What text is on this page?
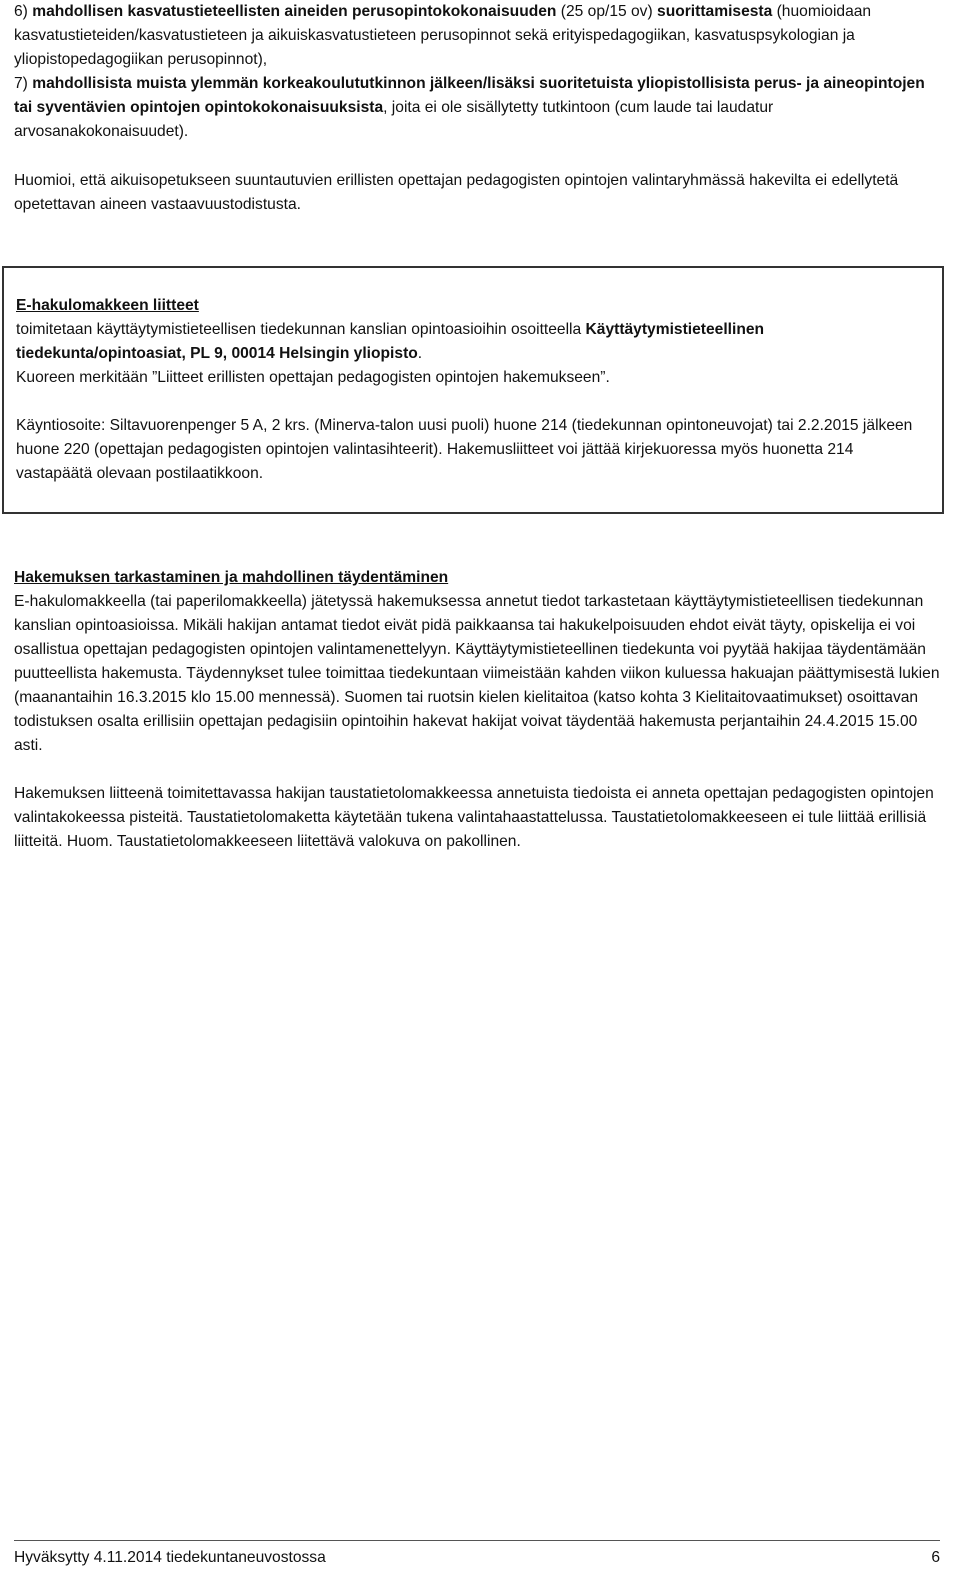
6) mahdollisen kasvatustieteellisten aineiden perusopintokokonaisuuden (25 op/15 ov) suorittamisesta (huomioidaan kasvatustieteiden/kasvatustieteen ja aikuiskasvatustieteen perusopinnot sekä erityispedagogiikan, kasvatuspsykologian ja yliopistopedagogiikan perusopinnot),

7) mahdollisista muista ylemmän korkeakoulututkinnon jälkeen/lisäksi suoritetuista yliopistollisista perus- ja aineopintojen tai syventävien opintojen opintokokonaisuuksista, joita ei ole sisällytetty tutkintoon (cum laude tai laudatur arvosanakokonaisuudet).

Huomioi, että aikuisopetukseen suuntautuvien erillisten opettajan pedagogisten opintojen valintaryhmässä hakevilta ei edellytetä opetettavan aineen vastaavuustodistusta.

E-hakulomakkeen liitteet

toimitetaan käyttäytymistieteellisen tiedekunnan kanslian opintoasioihin osoitteella Käyttäytymistieteellinen tiedekunta/opintoasiat, PL 9, 00014 Helsingin yliopisto.

Kuoreen merkitään ”Liitteet erillisten opettajan pedagogisten opintojen hakemukseen”.

Käyntiosoite: Siltavuorenpenger 5 A, 2 krs. (Minerva-talon uusi puoli) huone 214 (tiedekunnan opintoneuvojat) tai 2.2.2015 jälkeen huone 220 (opettajan pedagogisten opintojen valintasihteerit). Hakemusliitteet voi jättää kirjekuoressa myös huonetta 214 vastapäätä olevaan postilaatikkoon.

Hakemuksen tarkastaminen ja mahdollinen täydentäminen

E-hakulomakkeella (tai paperilomakkeella) jätetyssä hakemuksessa annetut tiedot tarkastetaan käyttäytymistieteellisen tiedekunnan kanslian opintoasioissa. Mikäli hakijan antamat tiedot eivät pidä paikkaansa tai hakukelpoisuuden ehdot eivät täyty, opiskelija ei voi osallistua opettajan pedagogisten opintojen valintamenettelyyn. Käyttäytymistieteellinen tiedekunta voi pyytää hakijaa täydentämään puutteellista hakemusta. Täydennykset tulee toimittaa tiedekuntaan viimeistään kahden viikon kuluessa hakuajan päättymisestä lukien (maanantaihin 16.3.2015 klo 15.00 mennessä). Suomen tai ruotsin kielen kielitaitoa (katso kohta 3 Kielitaitovaatimukset) osoittavan todistuksen osalta erillisiin opettajan pedagisiin opintoihin hakevat hakijat voivat täydentää hakemusta perjantaihin 24.4.2015 15.00 asti.

Hakemuksen liitteenä toimitettavassa hakijan taustatietolomakkeessa annetuista tiedoista ei anneta opettajan pedagogisten opintojen valintakokeessa pisteitä. Taustatietolomaketta käytetään tukena valintahaastattelussa. Taustatietolomakkeeseen ei tule liittää erillisiä liitteitä. Huom. Taustatietolomakkeeseen liitettävä valokuva on pakollinen.

Hyväksytty 4.11.2014 tiedekuntaneuvostossa	6
